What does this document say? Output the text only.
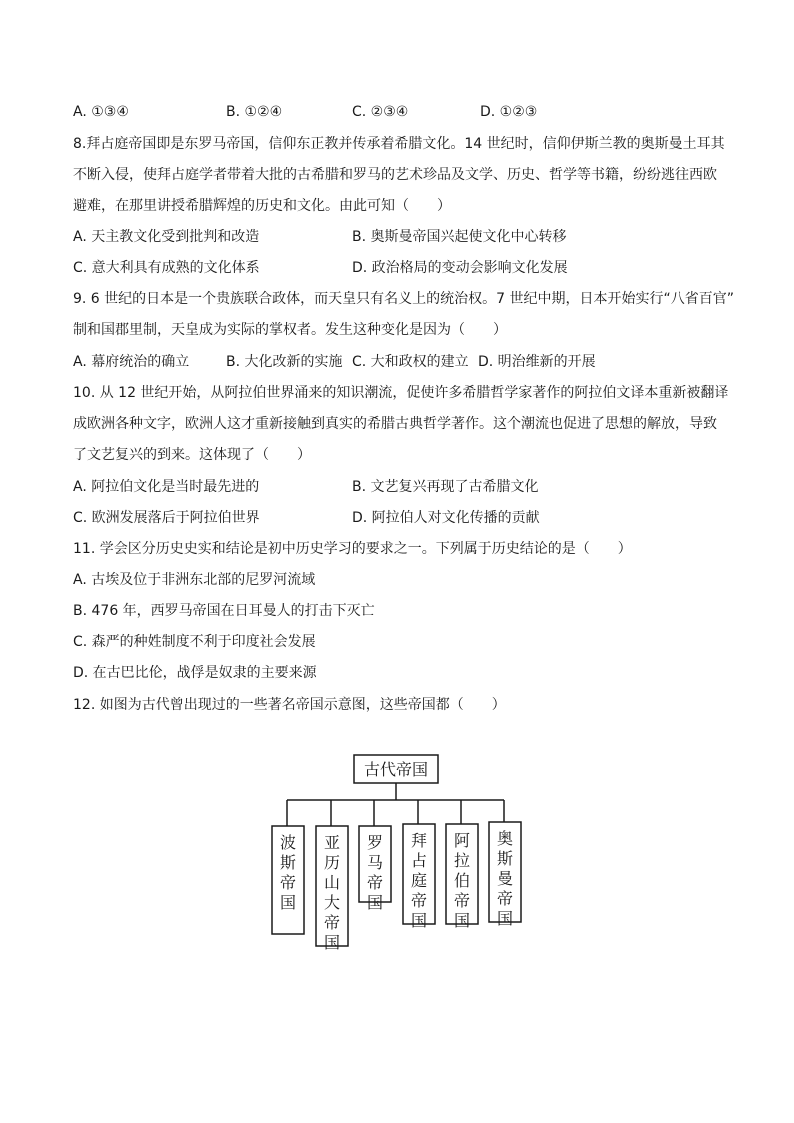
A. ①③④	B. ①②④	C. ②③④	D. ①②③
8.拜占庭帝国即是东罗马帝国，信仰东正教并传承着希腊文化。14 世纪时，信仰伊斯兰教的奥斯曼土耳其
不断入侵，使拜占庭学者带着大批的古希腊和罗马的艺术珍品及文学、历史、哲学等书籍，纷纷逃往西欧
避难，在那里讲授希腊辉煌的历史和文化。由此可知（　　）
A. 天主教文化受到批判和改造	B. 奥斯曼帝国兴起使文化中心转移
C. 意大利具有成熟的文化体系	D. 政治格局的变动会影响文化发展
9. 6 世纪的日本是一个贵族联合政体，而天皇只有名义上的统治权。7 世纪中期，日本开始实行“八省百官”
制和国郡里制，天皇成为实际的掌权者。发生这种变化是因为（　　）
A. 幕府统治的确立	B. 大化改新的实施 C. 大和政权的建立 D. 明治维新的开展
10. 从 12 世纪开始，从阿拉伯世界涌来的知识潮流，促使许多希腊哲学家著作的阿拉伯文译本重新被翻译
成欧洲各种文字，欧洲人这才重新接触到真实的希腊古典哲学著作。这个潮流也促进了思想的解放，导致
了文艺复兴的到来。这体现了（　　）
A. 阿拉伯文化是当时最先进的	B. 文艺复兴再现了古希腊文化
C. 欧洲发展落后于阿拉伯世界	D. 阿拉伯人对文化传播的贡献
11. 学会区分历史史实和结论是初中历史学习的要求之一。下列属于历史结论的是（　　）
A. 古埃及位于非洲东北部的尼罗河流域
B. 476 年，西罗马帝国在日耳曼人的打击下灭亡
C. 森严的种姓制度不利于印度社会发展
D. 在古巴比伦，战俘是奴隶的主要来源
12. 如图为古代曾出现过的一些著名帝国示意图，这些帝国都（　　）
古代帝国
波斯帝国
亚历山大帝国
罗马帝国
拜占庭帝国
阿拉伯帝国
奥斯曼帝国
